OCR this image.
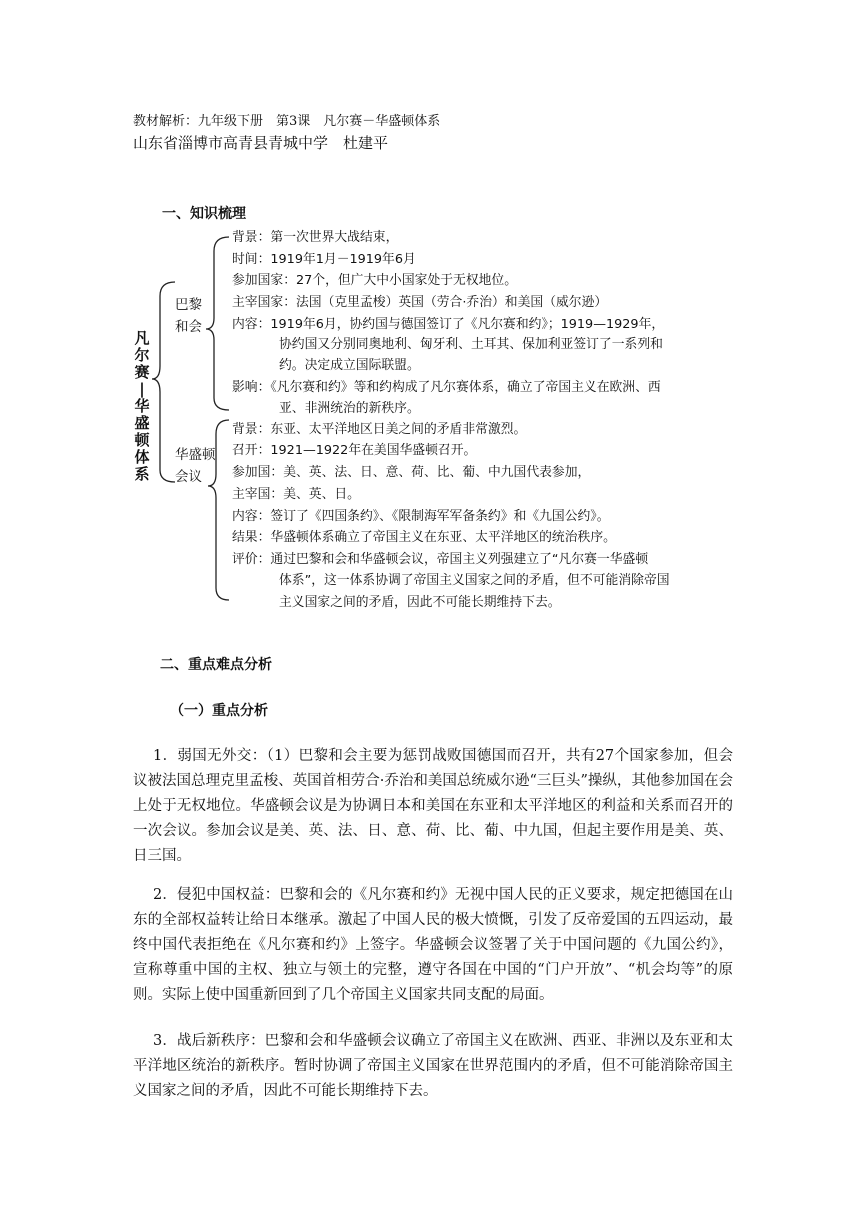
教材解析：九年级下册　第3课　凡尔赛－华盛顿体系
山东省淄博市高青县青城中学　杜建平
一、知识梳理
凡
尔
赛
|
华
盛
顿
体
系
巴黎
和会
华盛顿
会议
背景：第一次世界大战结束，
时间：1919年1月－1919年6月
参加国家：27个，但广大中小国家处于无权地位。
主宰国家：法国（克里孟梭）英国（劳合·乔治）和美国（威尔逊）
内容：1919年6月，协约国与德国签订了《凡尔赛和约》；1919—1929年，
协约国又分别同奥地利、匈牙利、土耳其、保加利亚签订了一系列和
约。决定成立国际联盟。
影响：《凡尔赛和约》等和约构成了凡尔赛体系，确立了帝国主义在欧洲、西
亚、非洲统治的新秩序。
背景：东亚、太平洋地区日美之间的矛盾非常激烈。
召开：1921—1922年在美国华盛顿召开。
参加国：美、英、法、日、意、荷、比、葡、中九国代表参加，
主宰国：美、英、日。
内容：签订了《四国条约》、《限制海军军备条约》和《九国公约》。
结果：华盛顿体系确立了帝国主义在东亚、太平洋地区的统治秩序。
评价：通过巴黎和会和华盛顿会议，帝国主义列强建立了“凡尔赛一华盛顿
体系”，这一体系协调了帝国主义国家之间的矛盾，但不可能消除帝国
主义国家之间的矛盾，因此不可能长期维持下去。
二、重点难点分析
（一）重点分析
1．弱国无外交：（1）巴黎和会主要为惩罚战败国德国而召开，共有27个国家参加，但会议被法国总理克里孟梭、英国首相劳合·乔治和美国总统威尔逊“三巨头”操纵，其他参加国在会上处于无权地位。华盛顿会议是为协调日本和美国在东亚和太平洋地区的利益和关系而召开的一次会议。参加会议是美、英、法、日、意、荷、比、葡、中九国，但起主要作用是美、英、日三国。
2．侵犯中国权益：巴黎和会的《凡尔赛和约》无视中国人民的正义要求，规定把德国在山东的全部权益转让给日本继承。激起了中国人民的极大愤慨，引发了反帝爱国的五四运动，最终中国代表拒绝在《凡尔赛和约》上签字。华盛顿会议签署了关于中国问题的《九国公约》，宣称尊重中国的主权、独立与领土的完整，遵守各国在中国的“门户开放”、“机会均等”的原则。实际上使中国重新回到了几个帝国主义国家共同支配的局面。
3．战后新秩序：巴黎和会和华盛顿会议确立了帝国主义在欧洲、西亚、非洲以及东亚和太平洋地区统治的新秩序。暂时协调了帝国主义国家在世界范围内的矛盾，但不可能消除帝国主义国家之间的矛盾，因此不可能长期维持下去。
